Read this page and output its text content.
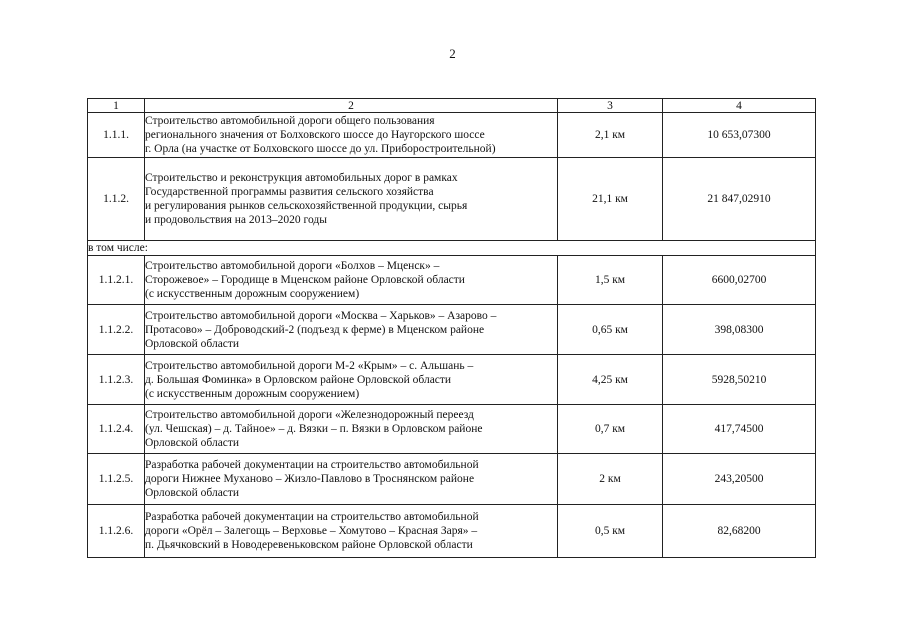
2
1	2	3	4
1.1.1.	Строительство автомобильной дороги общего пользования
регионального значения от Болховского шоссе до Наугорского шоссе
г. Орла (на участке от Болховского шоссе до ул. Приборостроительной)	2,1 км	10 653,07300
1.1.2.	Строительство и реконструкция автомобильных дорог в рамках
Государственной программы развития сельского хозяйства
и регулирования рынков сельскохозяйственной продукции, сырья
и продовольствия на 2013–2020 годы	21,1 км	21 847,02910
в том числе:			
1.1.2.1.	Строительство автомобильной дороги «Болхов – Мценск» –
Сторожевое» – Городище в Мценском районе Орловской области
(с искусственным дорожным сооружением)	1,5 км	6600,02700
1.1.2.2.	Строительство автомобильной дороги «Москва – Харьков» – Азарово –
Протасово» – Доброводский-2 (подъезд к ферме) в Мценском районе
Орловской области	0,65 км	398,08300
1.1.2.3.	Строительство автомобильной дороги М-2 «Крым» – с. Альшань –
д. Большая Фоминка» в Орловском районе Орловской области
(с искусственным дорожным сооружением)	4,25 км	5928,50210
1.1.2.4.	Строительство автомобильной дороги «Железнодорожный переезд
(ул. Чешская) – д. Тайное» – д. Вязки – п. Вязки в Орловском районе
Орловской области	0,7 км	417,74500
1.1.2.5.	Разработка рабочей документации на строительство автомобильной
дороги Нижнее Муханово – Жизло-Павлово в Троснянском районе
Орловской области	2 км	243,20500
1.1.2.6.	Разработка рабочей документации на строительство автомобильной
дороги «Орёл – Залегощь – Верховье – Хомутово – Красная Заря» –
п. Дьячковский в Новодеревеньковском районе Орловской области	0,5 км	82,68200
